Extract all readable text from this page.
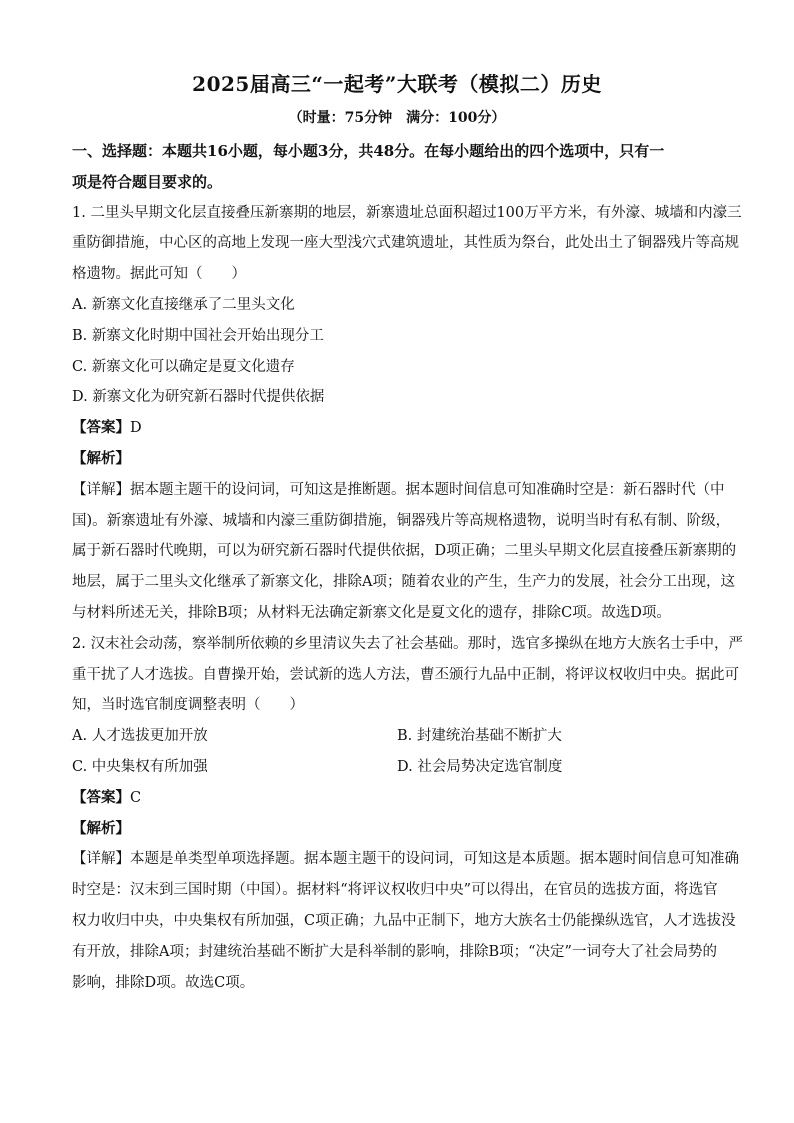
2025届高三“一起考”大联考（模拟二）历史
（时量：75分钟　满分：100分）
一、选择题：本题共16小题，每小题3分，共48分。在每小题给出的四个选项中，只有一
项是符合题目要求的。
1. 二里头早期文化层直接叠压新寨期的地层，新寨遗址总面积超过100万平方米，有外濠、城墙和内濠三
重防御措施，中心区的高地上发现一座大型浅穴式建筑遗址，其性质为祭台，此处出土了铜器残片等高规
格遗物。据此可知（　　）
A. 新寨文化直接继承了二里头文化
B. 新寨文化时期中国社会开始出现分工
C. 新寨文化可以确定是夏文化遗存
D. 新寨文化为研究新石器时代提供依据
【答案】D
【解析】
【详解】据本题主题干的设问词，可知这是推断题。据本题时间信息可知准确时空是：新石器时代（中
国)。新寨遗址有外濠、城墙和内濠三重防御措施，铜器残片等高规格遗物，说明当时有私有制、阶级，
属于新石器时代晚期，可以为研究新石器时代提供依据，D项正确；二里头早期文化层直接叠压新寨期的
地层，属于二里头文化继承了新寨文化，排除A项；随着农业的产生，生产力的发展，社会分工出现，这
与材料所述无关，排除B项；从材料无法确定新寨文化是夏文化的遗存，排除C项。故选D项。
2. 汉末社会动荡，察举制所依赖的乡里清议失去了社会基础。那时，选官多操纵在地方大族名士手中，严
重干扰了人才选拔。自曹操开始，尝试新的选人方法，曹丕颁行九品中正制，将评议权收归中央。据此可
知，当时选官制度调整表明（　　）
A. 人才选拔更加开放	B. 封建统治基础不断扩大
C. 中央集权有所加强	D. 社会局势决定选官制度
【答案】C
【解析】
【详解】本题是单类型单项选择题。据本题主题干的设问词，可知这是本质题。据本题时间信息可知准确
时空是：汉末到三国时期（中国）。据材料“将评议权收归中央”可以得出，在官员的选拔方面，将选官
权力收归中央，中央集权有所加强，C项正确；九品中正制下，地方大族名士仍能操纵选官，人才选拔没
有开放，排除A项；封建统治基础不断扩大是科举制的影响，排除B项；“决定”一词夸大了社会局势的
影响，排除D项。故选C项。
